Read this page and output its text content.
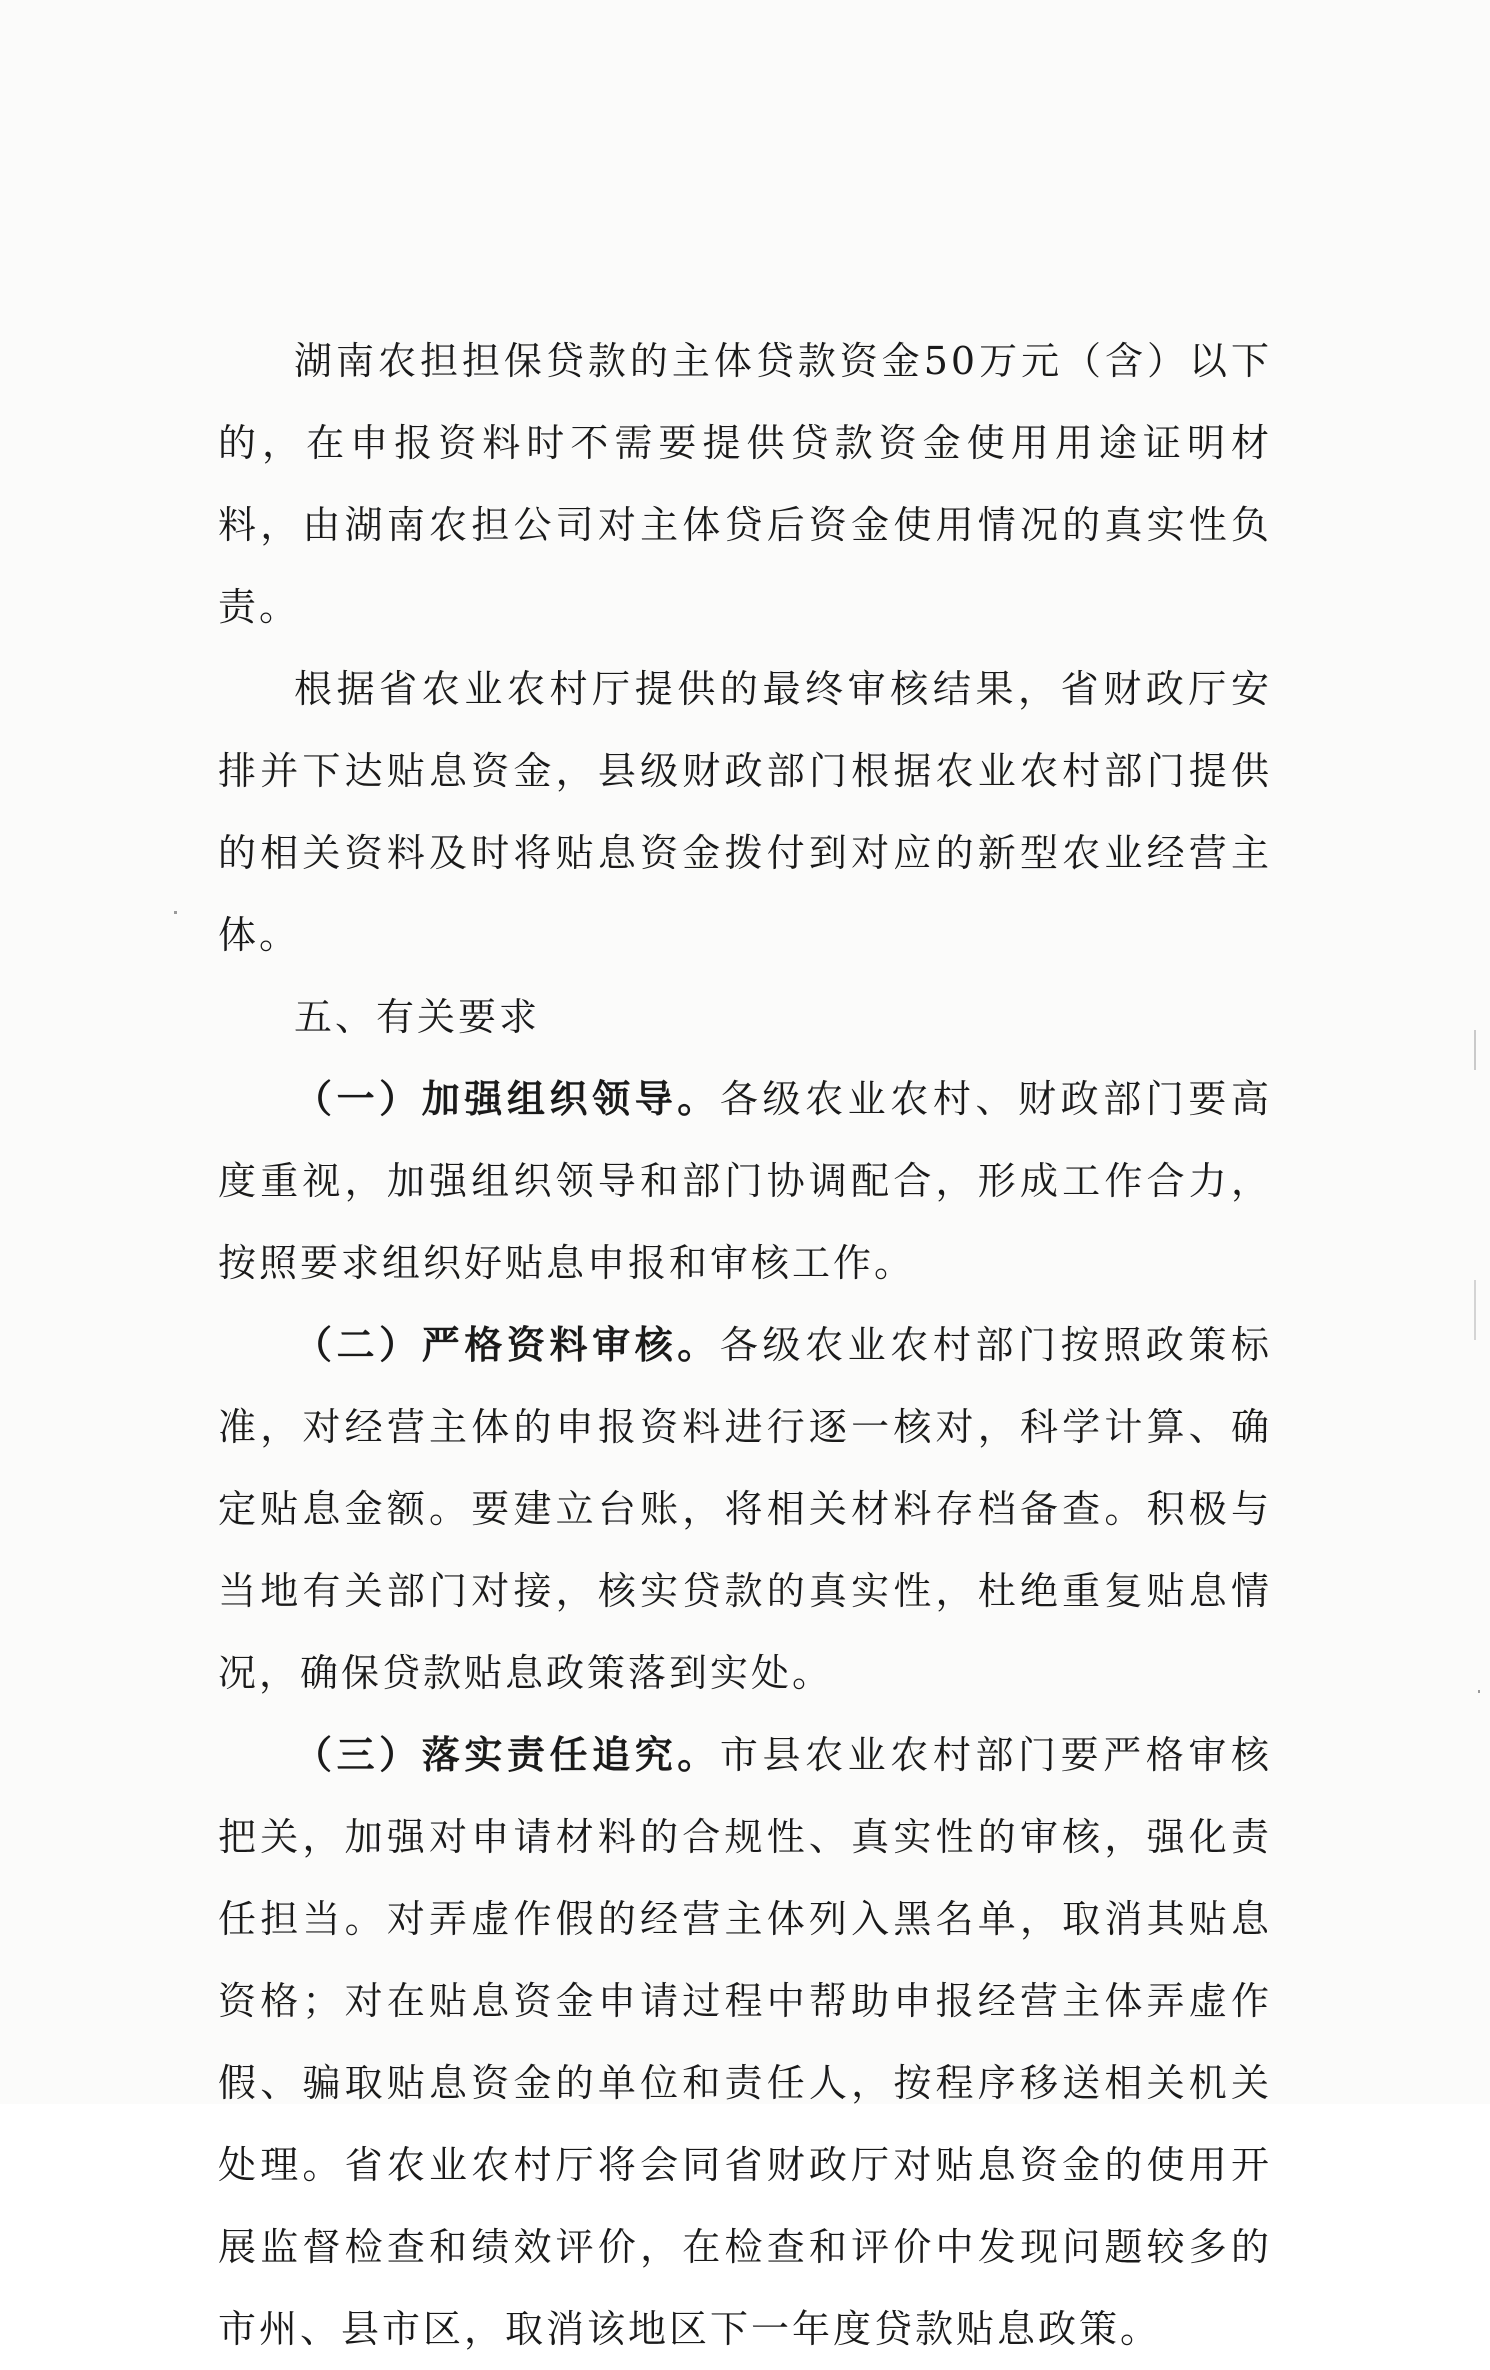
湖南农担担保贷款的主体贷款资金50万元（含）以下的，在申报资料时不需要提供贷款资金使用用途证明材料，由湖南农担公司对主体贷后资金使用情况的真实性负责。

根据省农业农村厅提供的最终审核结果，省财政厅安排并下达贴息资金，县级财政部门根据农业农村部门提供的相关资料及时将贴息资金拨付到对应的新型农业经营主体。

五、有关要求

（一）加强组织领导。各级农业农村、财政部门要高度重视，加强组织领导和部门协调配合，形成工作合力，按照要求组织好贴息申报和审核工作。

（二）严格资料审核。各级农业农村部门按照政策标准，对经营主体的申报资料进行逐一核对，科学计算、确定贴息金额。要建立台账，将相关材料存档备查。积极与当地有关部门对接，核实贷款的真实性，杜绝重复贴息情况，确保贷款贴息政策落到实处。

（三）落实责任追究。市县农业农村部门要严格审核把关，加强对申请材料的合规性、真实性的审核，强化责任担当。对弄虚作假的经营主体列入黑名单，取消其贴息资格；对在贴息资金申请过程中帮助申报经营主体弄虚作假、骗取贴息资金的单位和责任人，按程序移送相关机关处理。省农业农村厅将会同省财政厅对贴息资金的使用开展监督检查和绩效评价，在检查和评价中发现问题较多的市州、县市区，取消该地区下一年度贷款贴息政策。
